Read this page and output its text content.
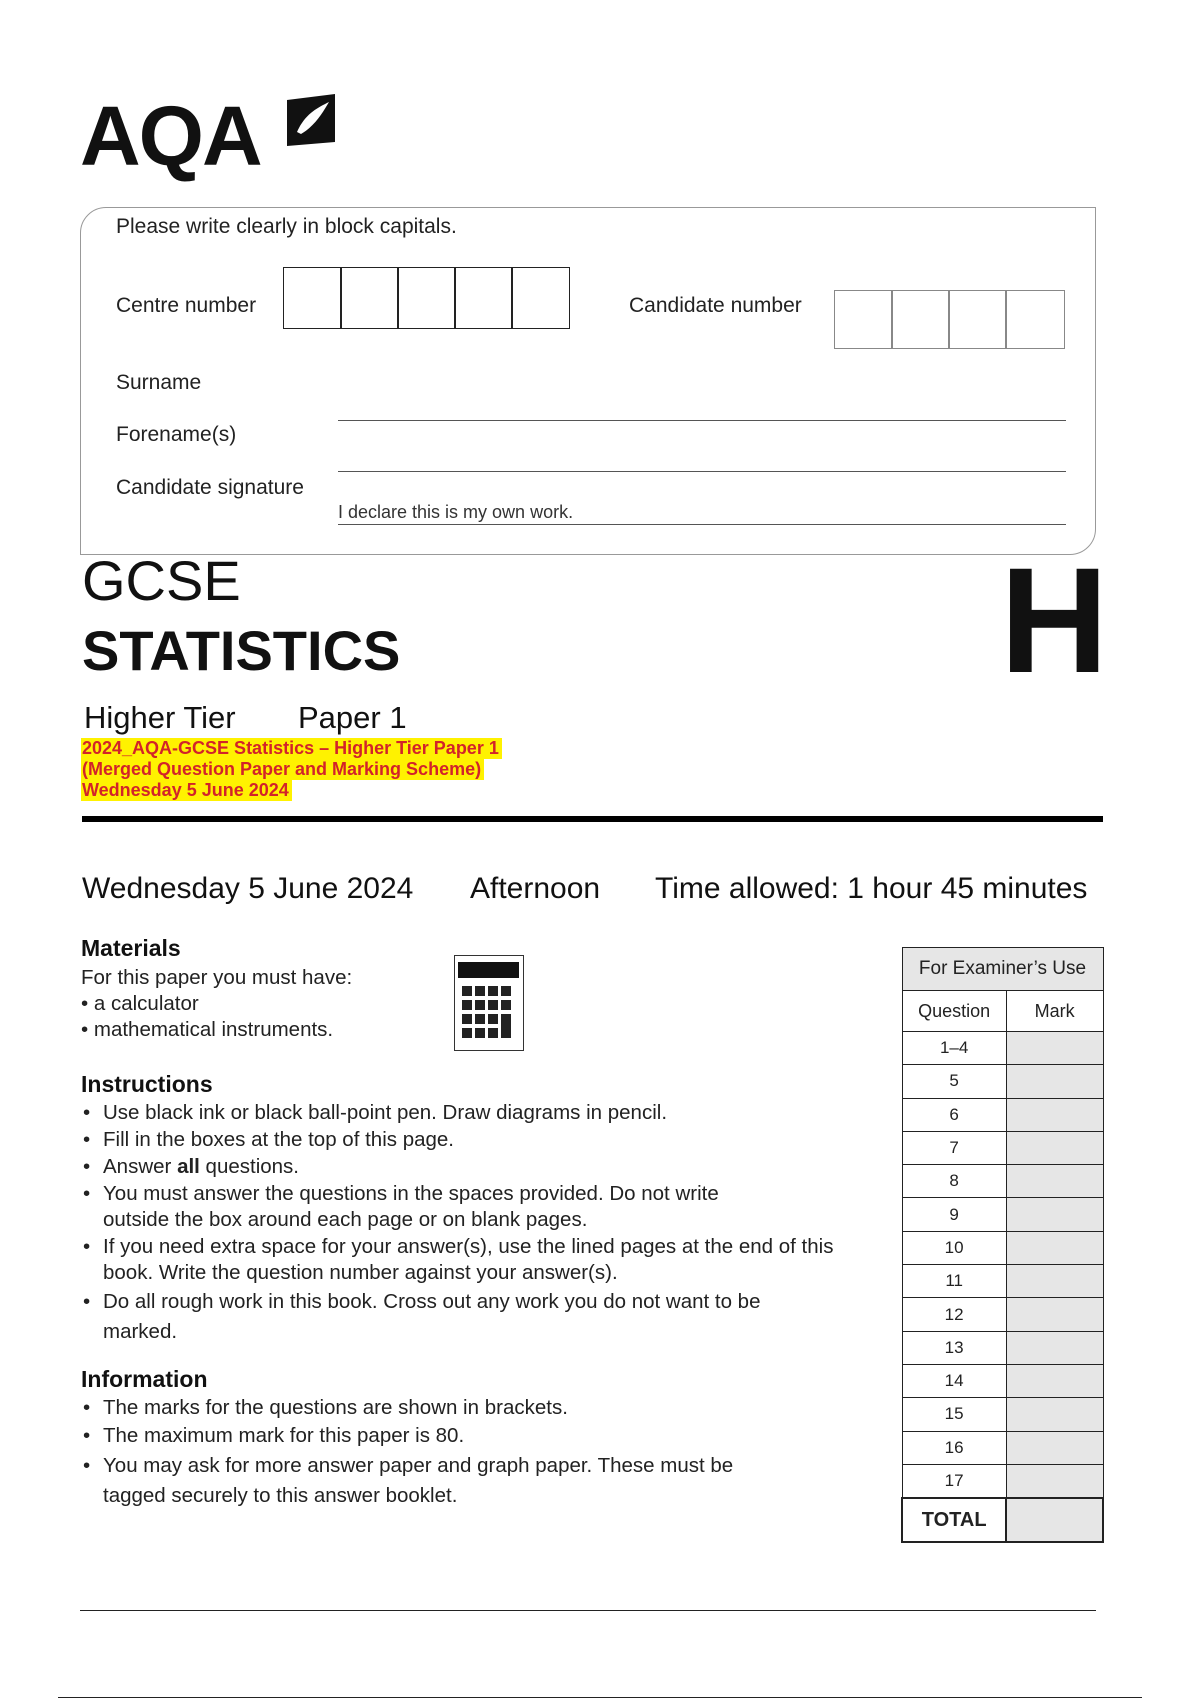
AQA
Please write clearly in block capitals.
Centre number	Candidate number
Surname
Forename(s)
Candidate signature
I declare this is my own work.
GCSE
STATISTICS	H
Higher Tier Paper 1
2024_AQA-GCSE Statistics – Higher Tier Paper 1
(Merged Question Paper and Marking Scheme)
Wednesday 5 June 2024
Wednesday 5 June 2024 Afternoon Time allowed: 1 hour 45 minutes
Materials
For this paper you must have:
• a calculator
• mathematical instruments.
Instructions
• Use black ink or black ball-point pen. Draw diagrams in pencil.
• Fill in the boxes at the top of this page.
• Answer all questions.
• You must answer the questions in the spaces provided. Do not write outside the box around each page or on blank pages.
• If you need extra space for your answer(s), use the lined pages at the end of this book. Write the question number against your answer(s).
• Do all rough work in this book. Cross out any work you do not want to be marked.
Information
• The marks for the questions are shown in brackets.
• The maximum mark for this paper is 80.
• You may ask for more answer paper and graph paper. These must be tagged securely to this answer booklet.
For Examiner’s Use	
Question	Mark
1–4	
5	
6	
7	
8	
9	
10	
11	
12	
13	
14	
15	
16	
17	
TOTAL	
